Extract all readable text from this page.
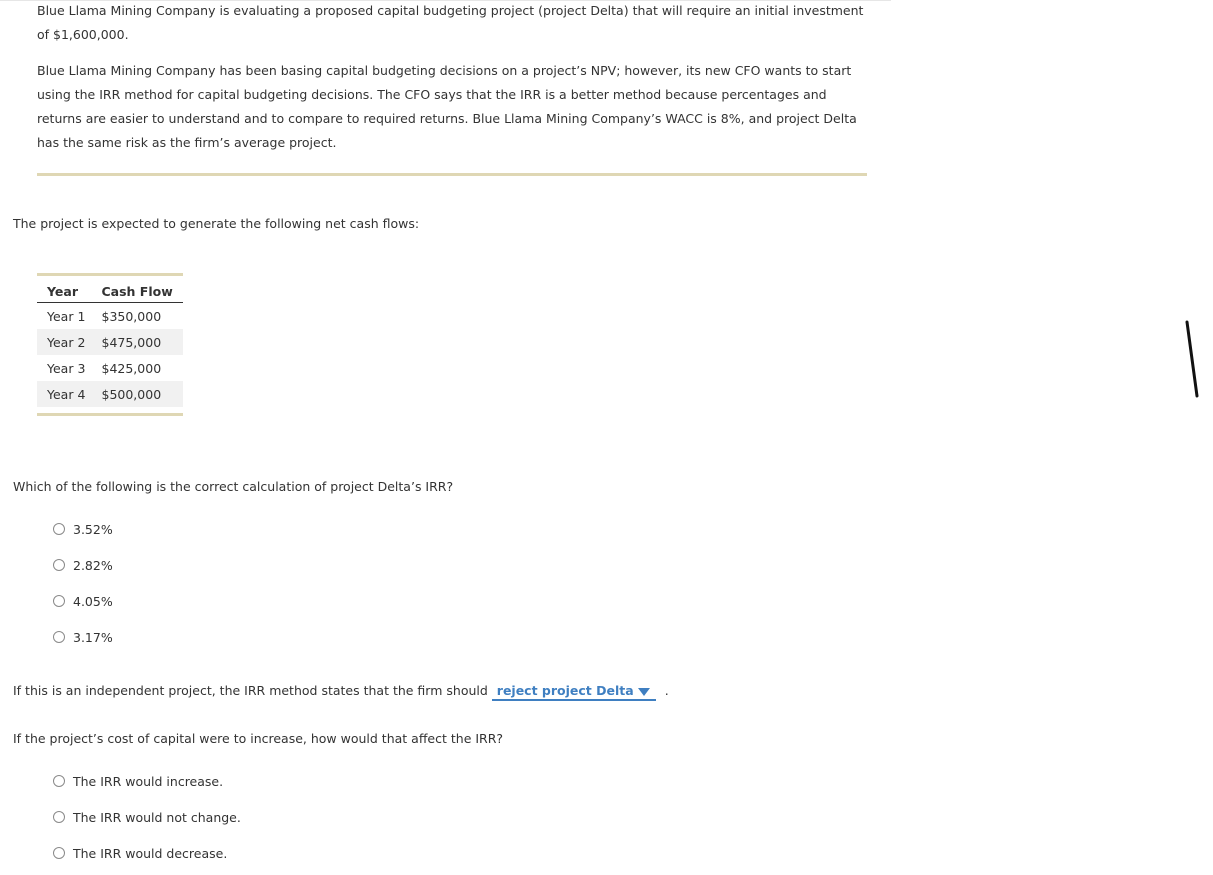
Blue Llama Mining Company is evaluating a proposed capital budgeting project (project Delta) that will require an initial investment of $1,600,000.

Blue Llama Mining Company has been basing capital budgeting decisions on a project’s NPV; however, its new CFO wants to start using the IRR method for capital budgeting decisions. The CFO says that the IRR is a better method because percentages and returns are easier to understand and to compare to required returns. Blue Llama Mining Company’s WACC is 8%, and project Delta has the same risk as the firm’s average project.

The project is expected to generate the following net cash flows:
Year	Cash Flow
Year 1	$350,000
Year 2	$475,000
Year 3	$425,000
Year 4	$500,000
Which of the following is the correct calculation of project Delta’s IRR?
3.52%
2.82%
4.05%
3.17%
If this is an independent project, the IRR method states that the firm should reject project Delta .
If the project’s cost of capital were to increase, how would that affect the IRR?
The IRR would increase.
The IRR would not change.
The IRR would decrease.
